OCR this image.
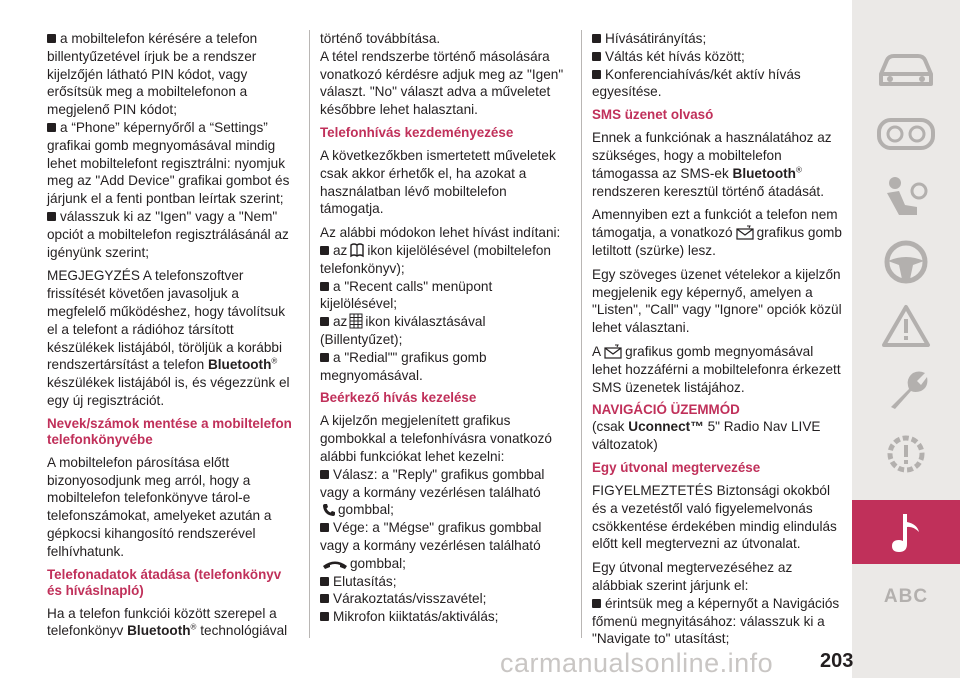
a mobiltelefon kérésére a telefon billentyűzetével írjuk be a rendszer kijelzőjén látható PIN kódot, vagy erősítsük meg a mobiltelefonon a megjelenő PIN kódot;

a “Phone” képernyőről a “Settings” grafikai gomb megnyomásával mindig lehet mobiltelefont regisztrálni: nyomjuk meg az "Add Device" grafikai gombot és járjunk el a fenti pontban leírtak szerint;

válasszuk ki az "Igen" vagy a "Nem" opciót a mobiltelefon regisztrálásánál az igényünk szerint;

MEGJEGYZÉS A telefonszoftver frissítését követően javasoljuk a megfelelő működéshez, hogy távolítsuk el a telefont a rádióhoz társított készülékek listájából, töröljük a korábbi rendszertársítást a telefon Bluetooth® készülékek listájából is, és végezzünk el egy új regisztrációt.

Nevek/számok mentése a mobiltelefon telefonkönyvébe

A mobiltelefon párosítása előtt bizonyosodjunk meg arról, hogy a mobiltelefon telefonkönyve tárol-e telefonszámokat, amelyeket azután a gépkocsi kihangosító rendszerével felhívhatunk.

Telefonadatok átadása (telefonkönyv és híváslnapló)

Ha a telefon funkciói között szerepel a telefonkönyv Bluetooth® technológiával

történő továbbítása.

A tétel rendszerbe történő másolására vonatkozó kérdésre adjuk meg az "Igen" választ. "No" választ adva a műveletet későbbre lehet halasztani.

Telefonhívás kezdeményezése

A következőkben ismertetett műveletek csak akkor érhetők el, ha azokat a használatban lévő mobiltelefon támogatja.

Az alábbi módokon lehet hívást indítani:

az ikon kijelölésével (mobiltelefon telefonkönyv);

a "Recent calls" menüpont kijelölésével;

az ikon kiválasztásával (Billentyűzet);

a "Redial"" grafikus gomb megnyomásával.

Beérkező hívás kezelése

A kijelzőn megjelenített grafikus gombokkal a telefonhívásra vonatkozó alábbi funkciókat lehet kezelni:

Válasz: a "Reply" grafikus gombbal vagy a kormány vezérlésen található
gombbal;

Vége: a "Mégse" grafikus gombbal vagy a kormány vezérlésen található
gombbal;

Elutasítás;

Várakoztatás/visszavétel;

Mikrofon kiiktatás/aktiválás;

Hívásátirányítás;

Váltás két hívás között;

Konferenciahívás/két aktív hívás egyesítése.

SMS üzenet olvasó

Ennek a funkciónak a használatához az szükséges, hogy a mobiltelefon támogassa az SMS-ek Bluetooth® rendszeren keresztül történő átadását.

Amennyiben ezt a funkciót a telefon nem támogatja, a vonatkozó grafikus gomb letiltott (szürke) lesz.

Egy szöveges üzenet vételekor a kijelzőn megjelenik egy képernyő, amelyen a "Listen", "Call" vagy "Ignore" opciók közül lehet választani.

A grafikus gomb megnyomásával lehet hozzáférni a mobiltelefonra érkezett SMS üzenetek listájához.

NAVIGÁCIÓ ÜZEMMÓD

(csak Uconnect™ 5" Radio Nav LIVE változatok)

Egy útvonal megtervezése

FIGYELMEZTETÉS Biztonsági okokból és a vezetéstől való figyelemelvonás csökkentése érdekében mindig elindulás előtt kell megtervezni az útvonalat.

Egy útvonal megtervezéséhez az alábbiak szerint járjunk el:

érintsük meg a képernyőt a Navigációs főmenü megnyitásához: válasszuk ki a "Navigate to" utasítást;

ABC
carmanualsonline.info 203
